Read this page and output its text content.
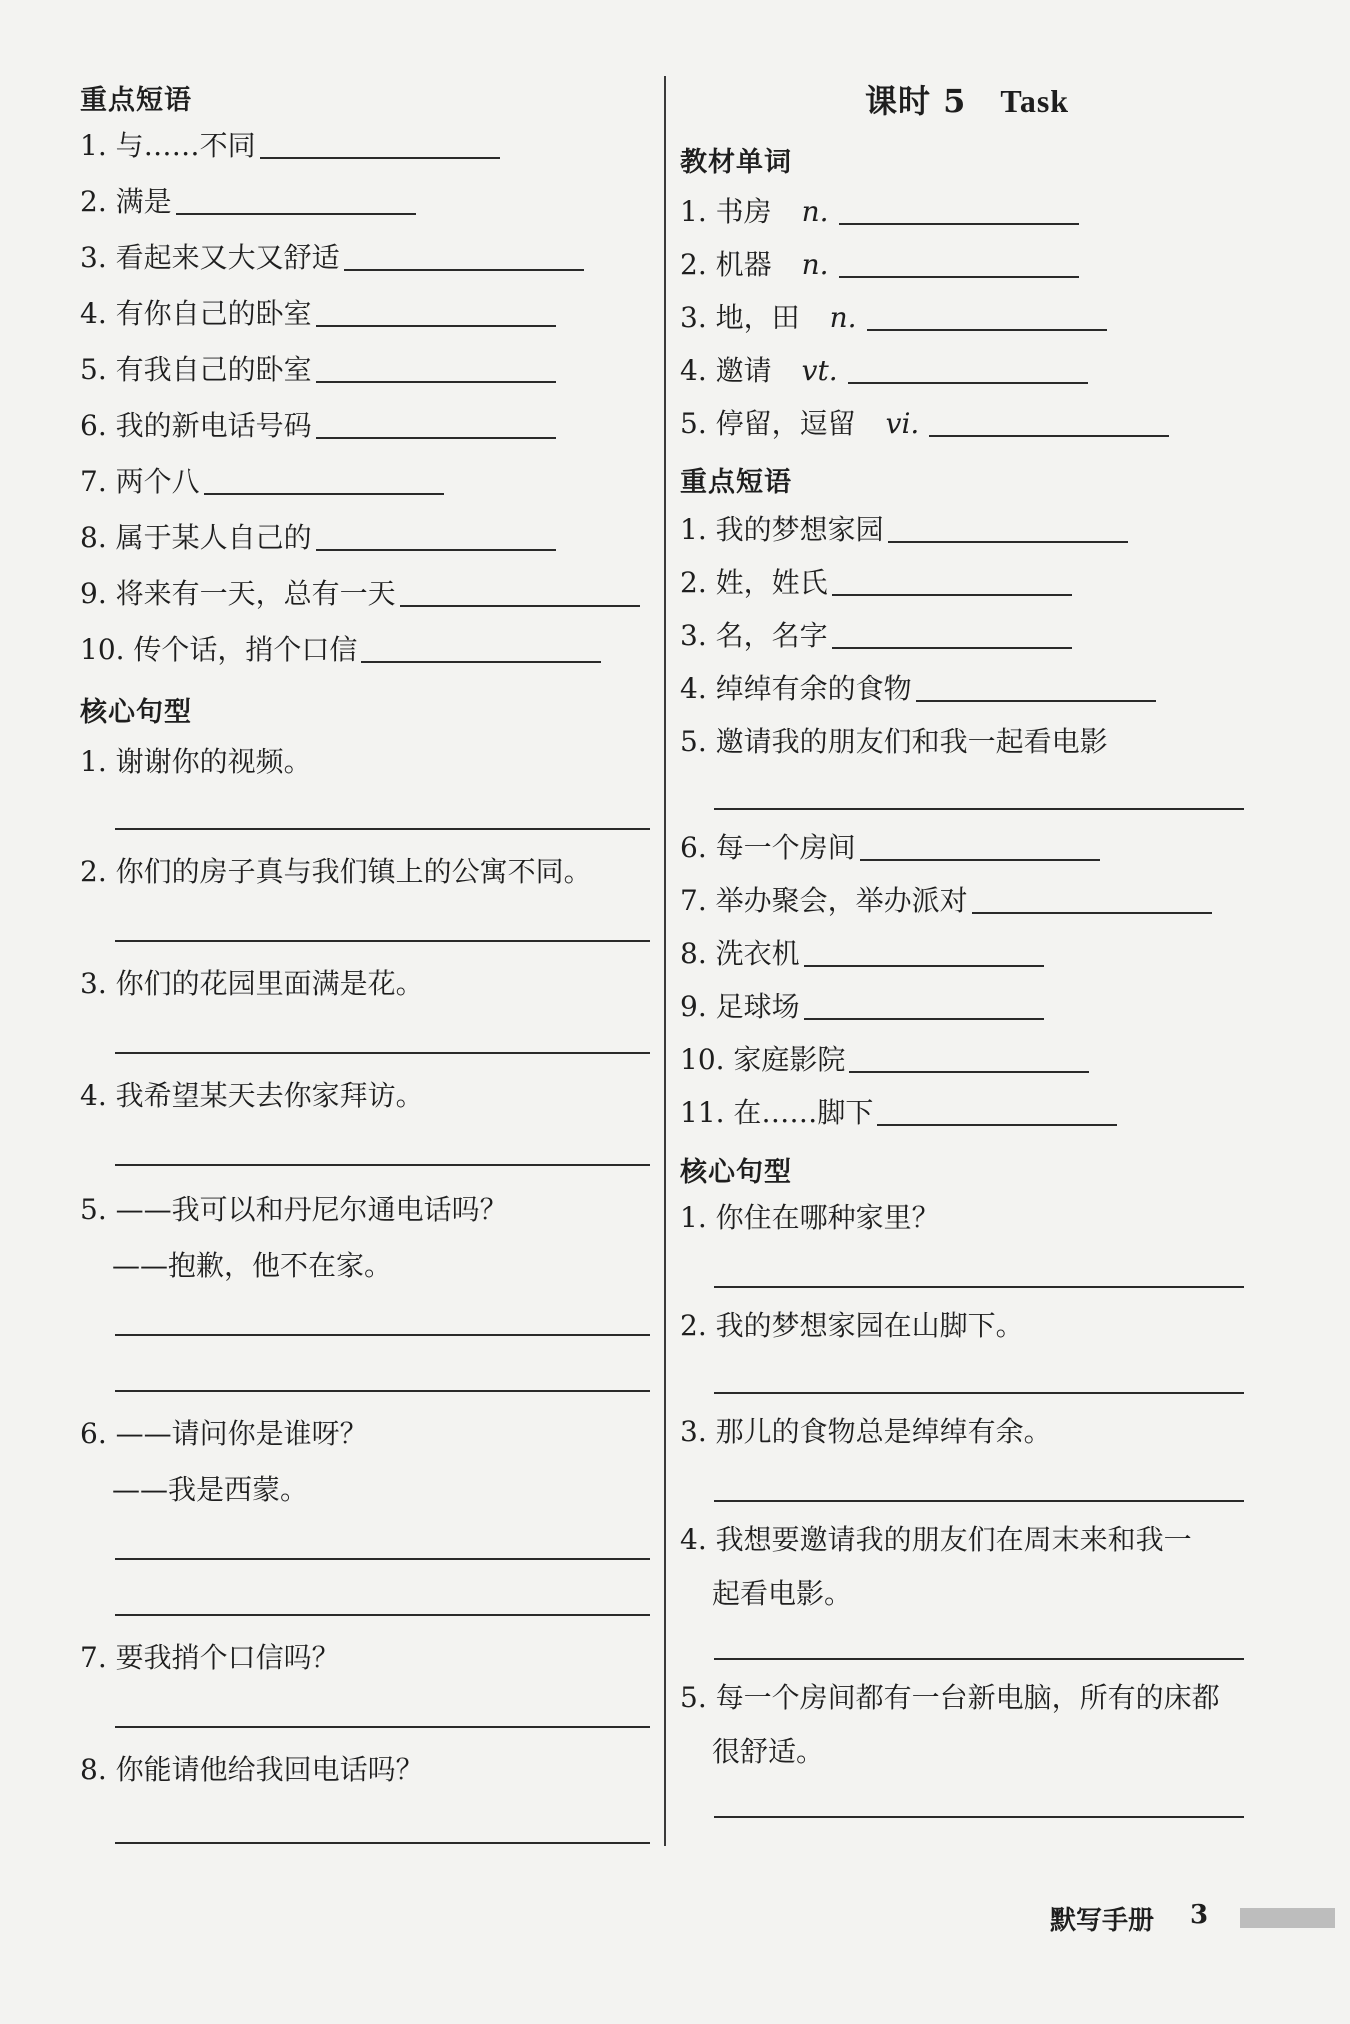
重点短语
1. 与……不同
2. 满是
3. 看起来又大又舒适
4. 有你自己的卧室
5. 有我自己的卧室
6. 我的新电话号码
7. 两个八
8. 属于某人自己的
9. 将来有一天，总有一天
10. 传个话，捎个口信
核心句型
1. 谢谢你的视频。
2. 你们的房子真与我们镇上的公寓不同。
3. 你们的花园里面满是花。
4. 我希望某天去你家拜访。
5. ——我可以和丹尼尔通电话吗？
——抱歉，他不在家。
6. ——请问你是谁呀？
——我是西蒙。
7. 要我捎个口信吗？
8. 你能请他给我回电话吗？
课时 5 Task
教材单词
1. 书房 n.
2. 机器 n.
3. 地，田 n.
4. 邀请 vt.
5. 停留，逗留 vi.
重点短语
1. 我的梦想家园
2. 姓，姓氏
3. 名，名字
4. 绰绰有余的食物
5. 邀请我的朋友们和我一起看电影
6. 每一个房间
7. 举办聚会，举办派对
8. 洗衣机
9. 足球场
10. 家庭影院
11. 在……脚下
核心句型
1. 你住在哪种家里？
2. 我的梦想家园在山脚下。
3. 那儿的食物总是绰绰有余。
4. 我想要邀请我的朋友们在周末来和我一
起看电影。
5. 每一个房间都有一台新电脑，所有的床都
很舒适。
默写手册 3
